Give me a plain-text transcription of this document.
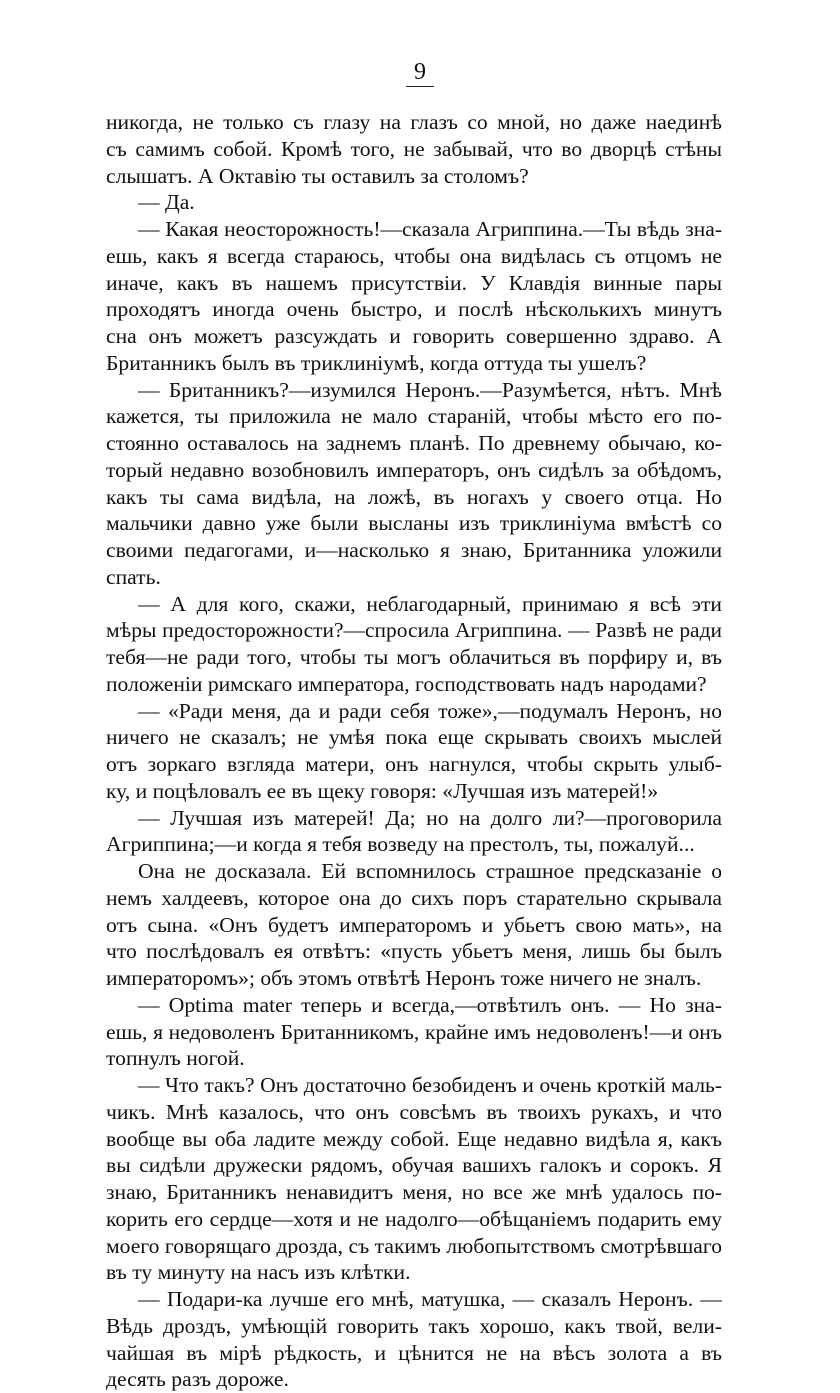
9
никогда, не только съ глазу на глазъ со мной, но даже наединѣ
съ самимъ собой. Кромѣ того, не забывай, что во дворцѣ стѣны
слышатъ. А Октавію ты оставилъ за столомъ?
— Да.
— Какая неосторожность!—сказала Агриппина.—Ты вѣдь зна-
ешь, какъ я всегда стараюсь, чтобы она видѣлась съ отцомъ не
иначе, какъ въ нашемъ присутствіи. У Клавдія винные пары
проходятъ иногда очень быстро, и послѣ нѣсколькихъ минутъ
сна онъ можетъ разсуждать и говорить совершенно здраво. А
Британникъ былъ въ триклиніумѣ, когда оттуда ты ушелъ?
— Британникъ?—изумился Неронъ.—Разумѣется, нѣтъ. Мнѣ
кажется, ты приложила не мало стараній, чтобы мѣсто его по-
стоянно оставалось на заднемъ планѣ. По древнему обычаю, ко-
торый недавно возобновилъ императоръ, онъ сидѣлъ за обѣдомъ,
какъ ты сама видѣла, на ложѣ, въ ногахъ у своего отца. Но
мальчики давно уже были высланы изъ триклиніума вмѣстѣ со
своими педагогами, и—насколько я знаю, Британника уложили
спать.
— А для кого, скажи, неблагодарный, принимаю я всѣ эти
мѣры предосторожности?—спросила Агриппина. — Развѣ не ради
тебя—не ради того, чтобы ты могъ облачиться въ порфиру и, въ
положеніи римскаго императора, господствовать надъ народами?
— «Ради меня, да и ради себя тоже»,—подумалъ Неронъ, но
ничего не сказалъ; не умѣя пока еще скрывать своихъ мыслей
отъ зоркаго взгляда матери, онъ нагнулся, чтобы скрыть улыб-
ку, и поцѣловалъ ее въ щеку говоря: «Лучшая изъ матерей!»
— Лучшая изъ матерей! Да; но на долго ли?—проговорила
Агриппина;—и когда я тебя возведу на престолъ, ты, пожалуй...
Она не досказала. Ей вспомнилось страшное предсказаніе о
немъ халдеевъ, которое она до сихъ поръ старательно скрывала
отъ сына. «Онъ будетъ императоромъ и убьетъ свою мать», на
что послѣдовалъ ея отвѣтъ: «пусть убьетъ меня, лишь бы былъ
императоромъ»; объ этомъ отвѣтѣ Неронъ тоже ничего не зналъ.
— Optima mater теперь и всегда,—отвѣтилъ онъ. — Но зна-
ешь, я недоволенъ Британникомъ, крайне имъ недоволенъ!—и онъ
топнулъ ногой.
— Что такъ? Онъ достаточно безобиденъ и очень кроткій маль-
чикъ. Мнѣ казалось, что онъ совсѣмъ въ твоихъ рукахъ, и что
вообще вы оба ладите между собой. Еще недавно видѣла я, какъ
вы сидѣли дружески рядомъ, обучая вашихъ галокъ и сорокъ. Я
знаю, Британникъ ненавидитъ меня, но все же мнѣ удалось по-
корить его сердце—хотя и не надолго—обѣщаніемъ подарить ему
моего говорящаго дрозда, съ такимъ любопытствомъ смотрѣвшаго
въ ту минуту на насъ изъ клѣтки.
— Подари-ка лучше его мнѣ, матушка, — сказалъ Неронъ. —
Вѣдь дроздъ, умѣющій говорить такъ хорошо, какъ твой, вели-
чайшая въ мірѣ рѣдкость, и цѣнится не на вѣсъ золота а въ
десять разъ дороже.
